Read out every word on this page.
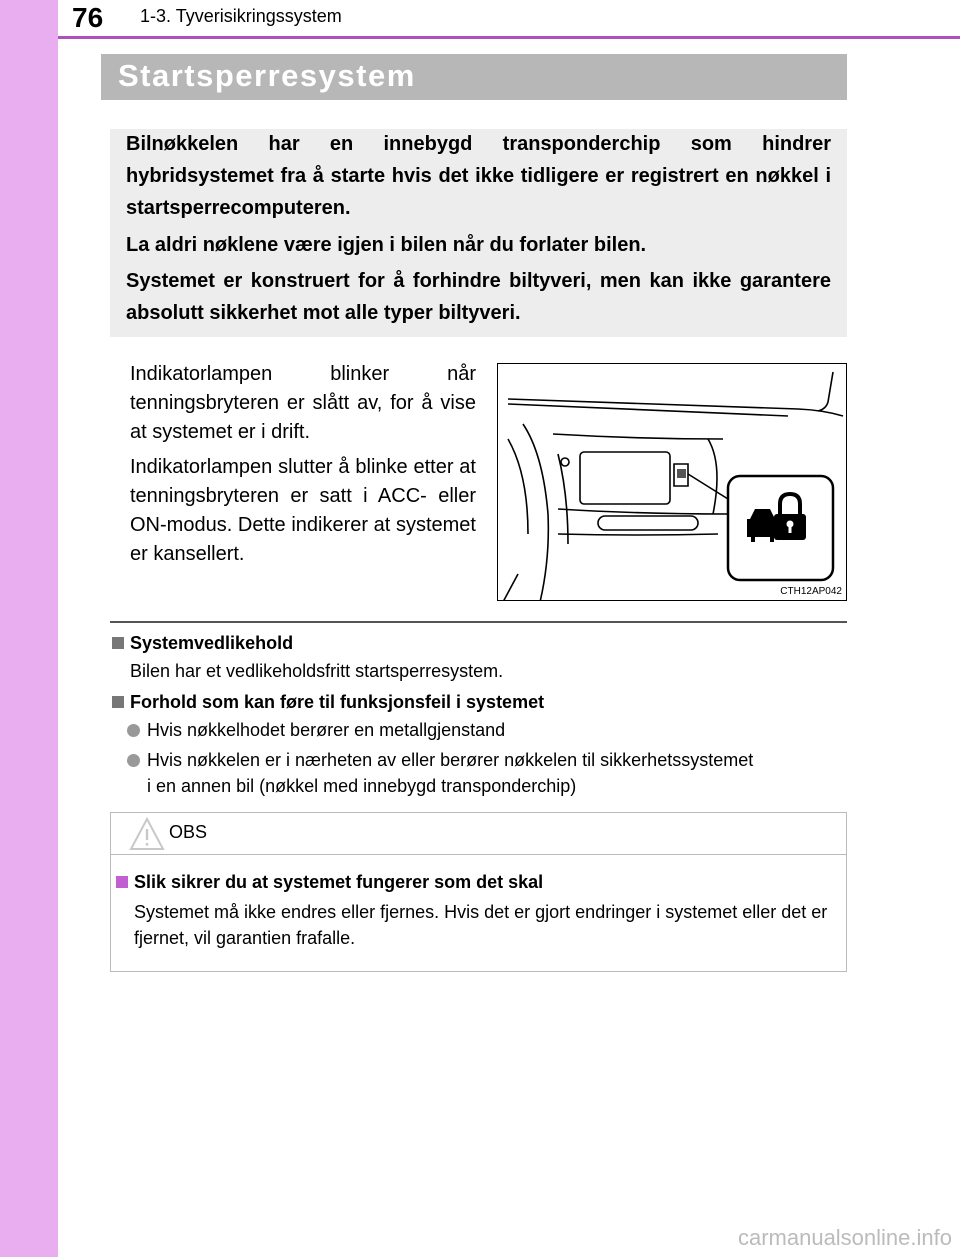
76 1-3. Tyverisikringssystem
Startsperresystem

Bilnøkkelen har en innebygd transponderchip som hindrer hybridsystemet fra å starte hvis det ikke tidligere er registrert en nøkkel i startsperrecomputeren.

La aldri nøklene være igjen i bilen når du forlater bilen.

Systemet er konstruert for å forhindre biltyveri, men kan ikke garantere absolutt sikkerhet mot alle typer biltyveri.

Indikatorlampen blinker når tenningsbryteren er slått av, for å vise at systemet er i drift.

Indikatorlampen slutter å blinke etter at tenningsbryteren er satt i ACC- eller ON-modus. Dette indikerer at systemet er kansellert.

CTH12AP042
Systemvedlikehold
Bilen har et vedlikeholdsfritt startsperresystem.
Forhold som kan føre til funksjonsfeil i systemet
Hvis nøkkelhodet berører en metallgjenstand
Hvis nøkkelen er i nærheten av eller berører nøkkelen til sikkerhetssystemet
i en annen bil (nøkkel med innebygd transponderchip)
OBS
Slik sikrer du at systemet fungerer som det skal

Systemet må ikke endres eller fjernes. Hvis det er gjort endringer i systemet eller det er fjernet, vil garantien frafalle.

carmanualsonline.info
